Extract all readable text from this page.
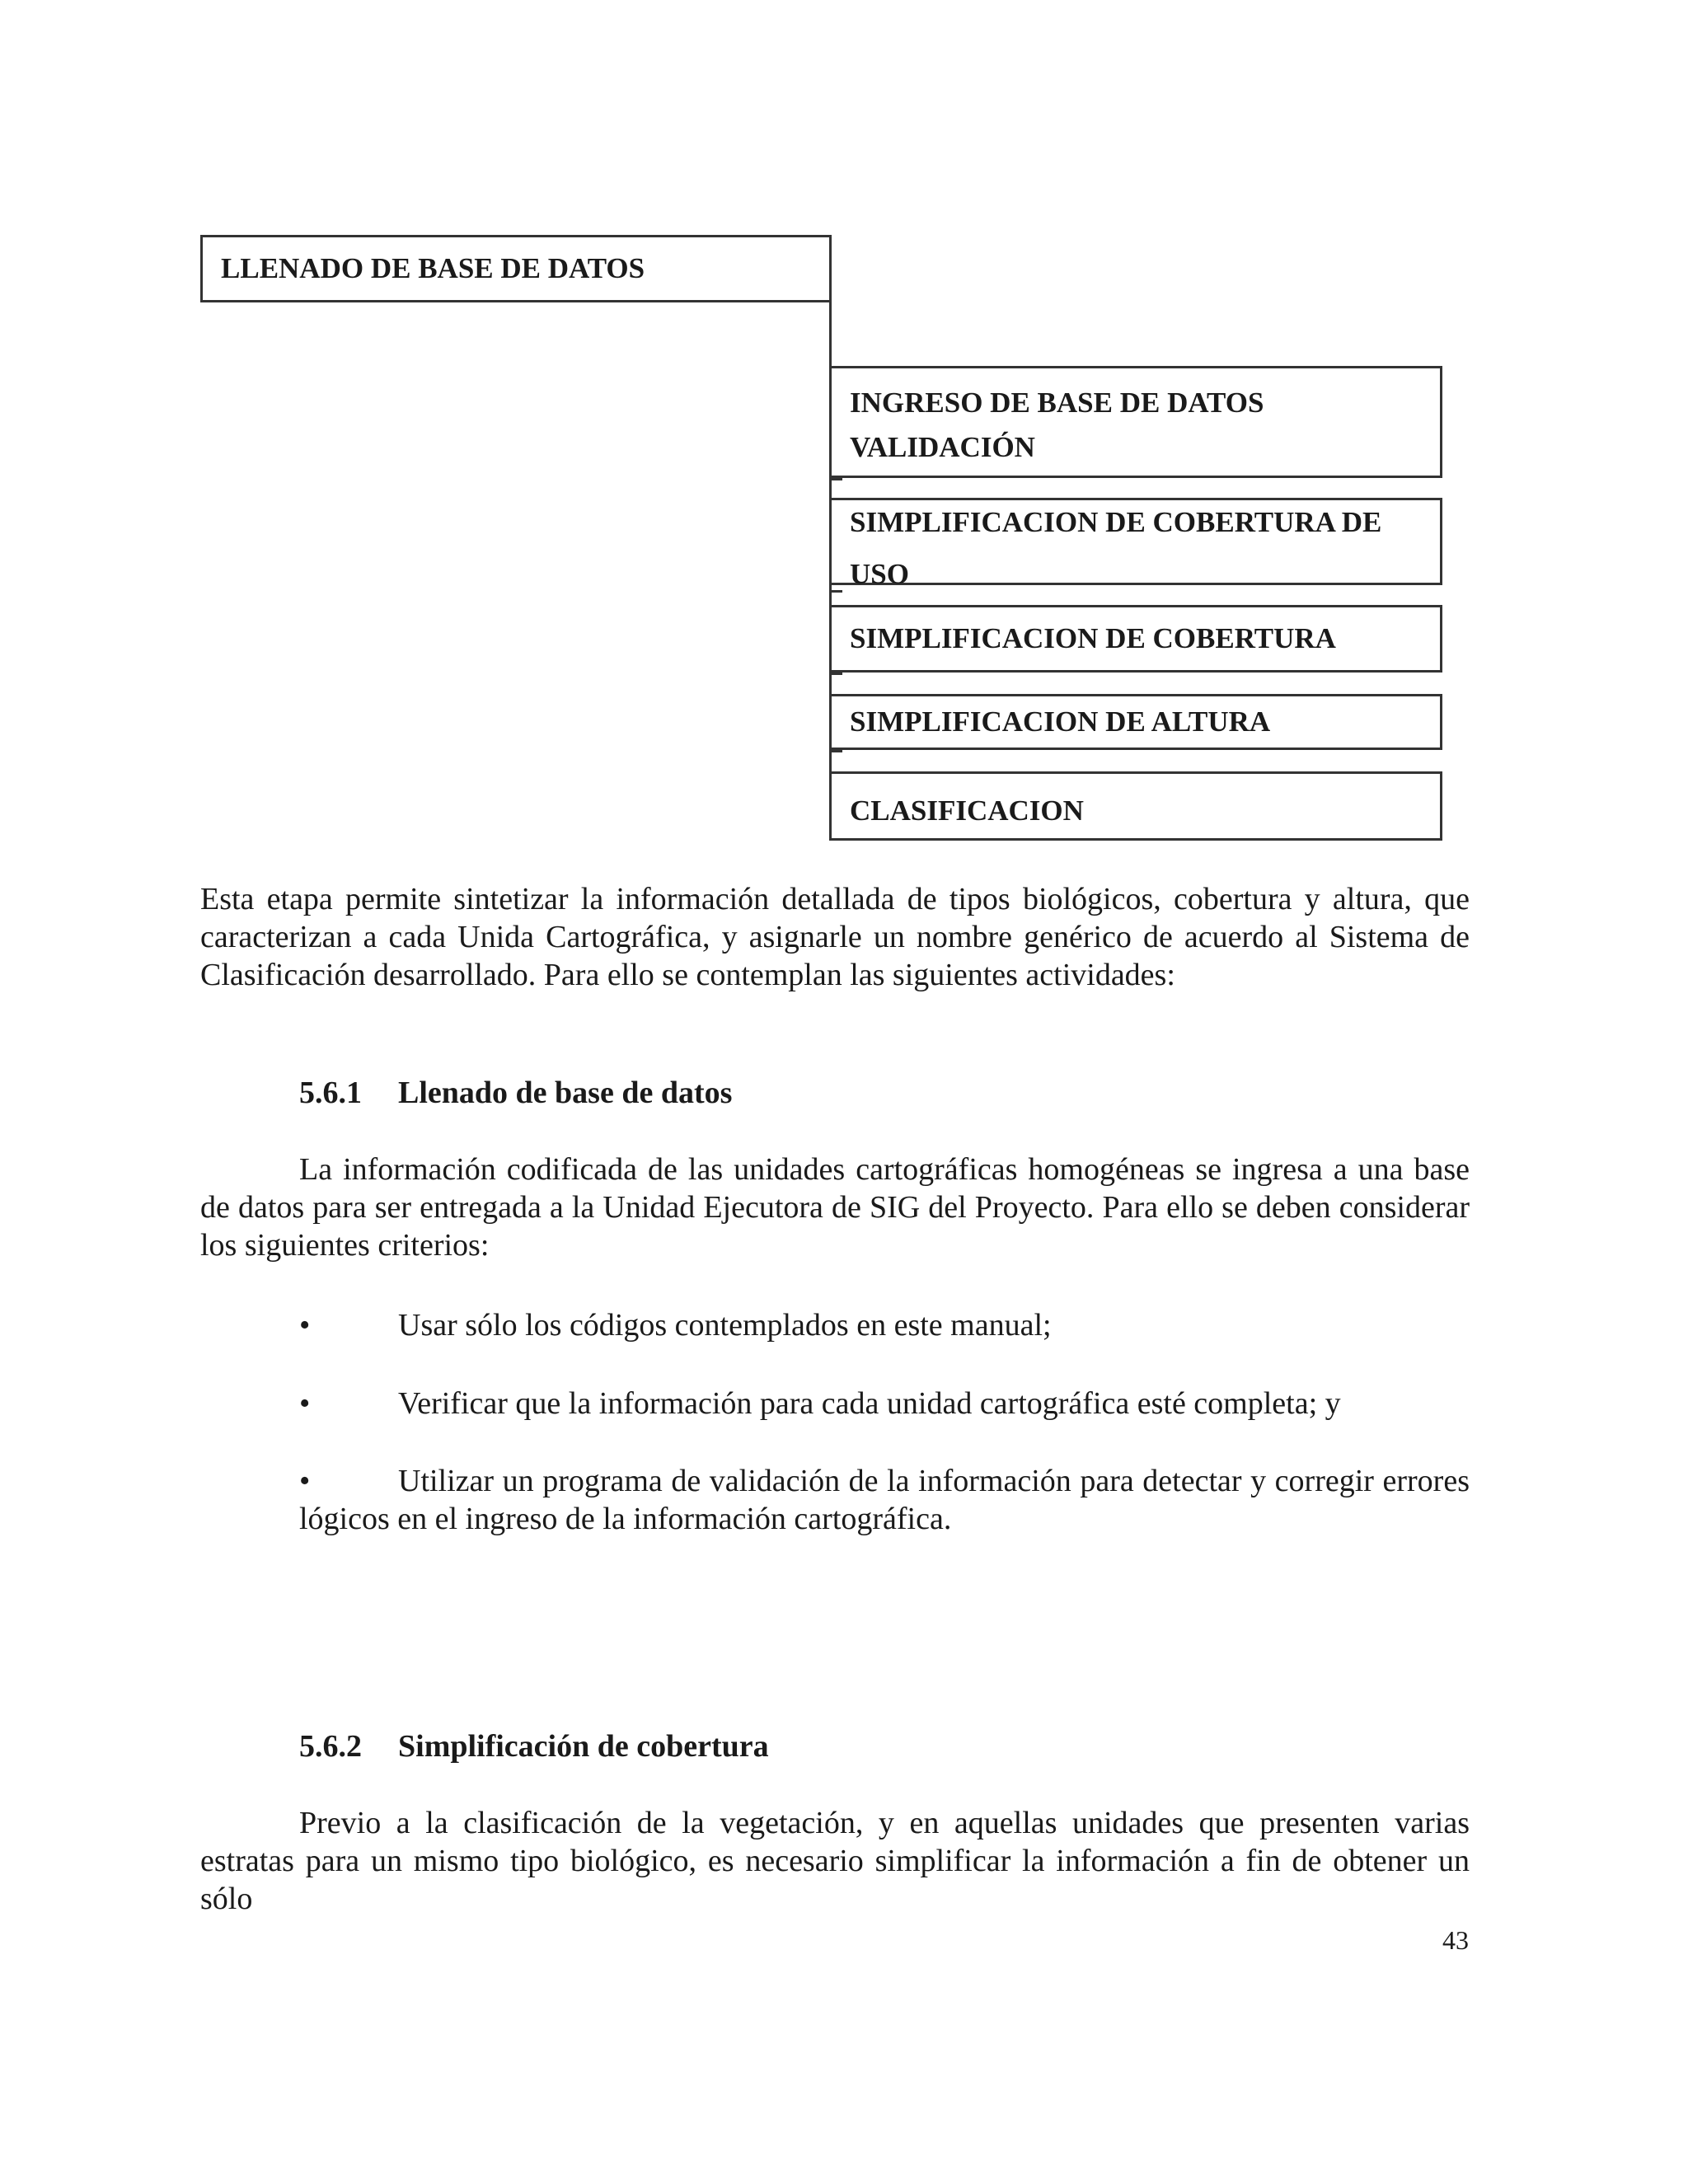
LLENADO DE BASE DE DATOS
INGRESO DE BASE DE DATOS
VALIDACIÓN
SIMPLIFICACION DE COBERTURA DE
USO
SIMPLIFICACION DE COBERTURA
SIMPLIFICACION DE ALTURA
CLASIFICACION

Esta etapa permite sintetizar la información detallada de tipos biológicos, cobertura y altura, que caracterizan a cada Unida Cartográfica, y asignarle un nombre genérico de acuerdo al Sistema de Clasificación desarrollado. Para ello se contemplan las siguientes actividades:

5.6.1 Llenado de base de datos

La información codificada de las unidades cartográficas homogéneas se ingresa a una base de datos para ser entregada a la Unidad Ejecutora de SIG del Proyecto. Para ello se deben considerar los siguientes criterios:

•	Usar sólo los códigos contemplados en este manual;
•	Verificar que la información para cada unidad cartográfica esté completa; y
•	Utilizar un programa de validación de la información para detectar y corregir errores lógicos en el ingreso de la información cartográfica.
5.6.2 Simplificación de cobertura

Previo a la clasificación de la vegetación, y en aquellas unidades que presenten varias estratas para un mismo tipo biológico, es necesario simplificar la información a fin de obtener un sólo

43
